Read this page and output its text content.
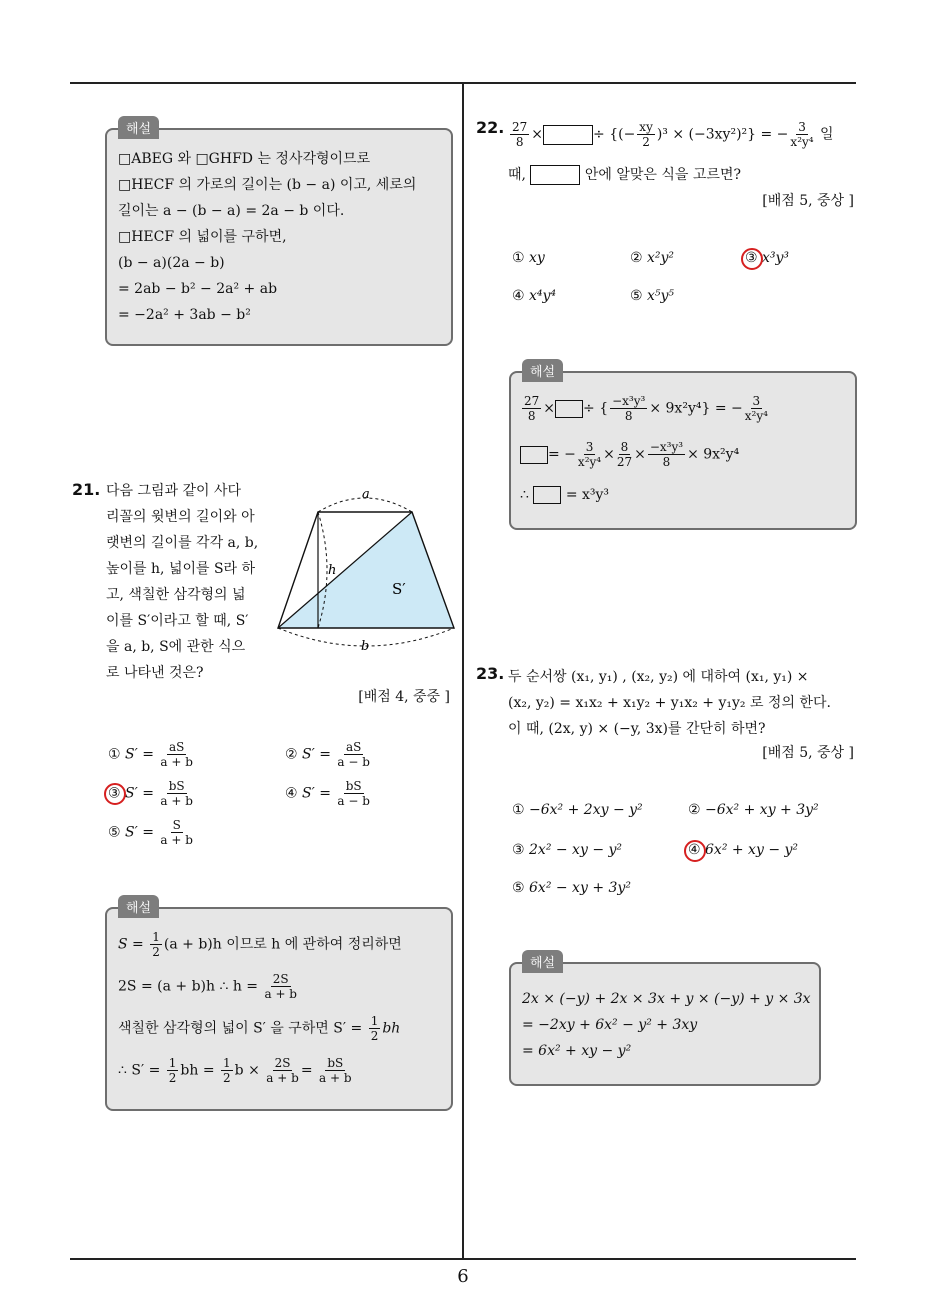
6
해설
□ABEG 와 □GHFD 는 정사각형이므로
□HECF 의 가로의 길이는 (b − a) 이고, 세로의
길이는 a − (b − a) = 2a − b 이다.
□HECF 의 넓이를 구하면,
(b − a)(2a − b)
= 2ab − b² − 2a² + ab
= −2a² + 3ab − b²
21. 다음 그림과 같이 사다
리꼴의 윗변의 길이와 아
랫변의 길이를 각각 a, b,
높이를 h, 넓이를 S라 하
고, 색칠한 삼각형의 넓
이를 S′이라고 할 때, S′
을 a, b, S에 관한 식으
로 나타낸 것은?
a
b
h
S′
[배점 4, 중중 ]
① $S' = \frac{aS}{a + b}$	② $S' = \frac{aS}{a - b}$
③ $S' = \frac{bS}{a + b}$	④ $S' = \frac{bS}{a - b}$
⑤ $S' = \frac{S}{a + b}$
해설
$S = \frac{1}{2} (a + b)h$ 이므로 h 에 관하여 정리하면
2S = (a + b)h ∴ $h = \frac{2S}{a + b}$
색칠한 삼각형의 넓이 S′ 을 구하면 $S' = \frac{1}{2}$ bh
∴ $S' = \frac{1}{2}$ bh = $\frac{1}{2}$ $b \times \frac{2S}{a + b} = \frac{bS}{a + b}$
22. $\frac{27}{8}$ ×	÷ {(− $\frac{xy}{2} )^3 \times (-3xy^2)^2$} = − $\frac{3}{\text{x²y⁴}}$ 일
때,	안에 알맞은 식을 고르면?
[배점 5, 중상 ]
① xy	② x²y²	③ x³y³
④ x⁴y⁴	⑤ x⁵y⁵
해설
$\frac{27}{8}$ × ÷ { $\frac{\text{−x³y³}}{8} \times 9x^2y^4$} = − $\frac{3}{\text{x²y⁴}}$
= − $\frac{3}{\text{x²y⁴}} \times \frac{8}{27} \times \frac{\text{−x³y³}}{8} \times 9x^2y^4$
∴	= x³y³
23. 두 순서쌍 (x₁, y₁) , (x₂, y₂) 에 대하여 (x₁, y₁) ×
(x₂, y₂) = x₁x₂ + x₁y₂ + y₁x₂ + y₁y₂ 로 정의 한다.
이 때, (2x, y) × (−y, 3x)를 간단히 하면?
[배점 5, 중상 ]
① −6x² + 2xy − y²	② −6x² + xy + 3y²
③ 2x² − xy − y²	④ 6x² + xy − y²
⑤ 6x² − xy + 3y²
해설
2x × (−y) + 2x × 3x + y × (−y) + y × 3x
= −2xy + 6x² − y² + 3xy
= 6x² + xy − y²
